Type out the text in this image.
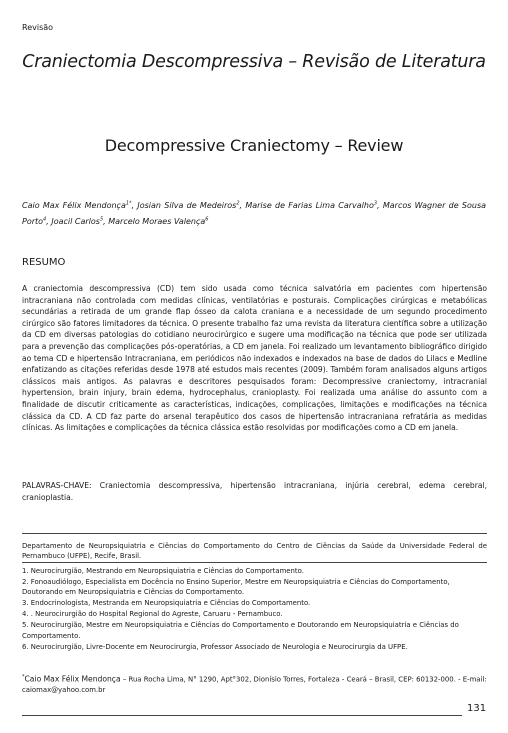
Revisão
Craniectomia Descompressiva – Revisão de Literatura
Decompressive Craniectomy – Review
Caio Max Félix Mendonça$^{1*}$, Josian Silva de Medeiros$^2$, Marise de Farias Lima Carvalho$^3$, Marcos Wagner de Sousa Porto$^4$, Joacil Carlos$^5$, Marcelo Moraes Valença$^6$
RESUMO
A craniectomia descompressiva (CD) tem sido usada como técnica salvatória em pacientes com hipertensão intracraniana não controlada com medidas clínicas, ventilatórias e posturais. Complicações cirúrgicas e metabólicas secundárias a retirada de um grande flap ósseo da calota craniana e a necessidade de um segundo procedimento cirúrgico são fatores limitadores da técnica. O presente trabalho faz uma revista da literatura científica sobre a utilização da CD em diversas patologias do cotidiano neurocirúrgico e sugere uma modificação na técnica que pode ser utilizada para a prevenção das complicações pós-operatórias, a CD em janela. Foi realizado um levantamento bibliográfico dirigido ao tema CD e hipertensão Intracraniana, em periódicos não indexados e indexados na base de dados do Lilacs e Medline enfatizando as citações referidas desde 1978 até estudos mais recentes (2009). Também foram analisados alguns artigos clássicos mais antigos. As palavras e descritores pesquisados foram: Decompressive craniectomy, intracranial hypertension, brain injury, brain edema, hydrocephalus, cranioplasty. Foi realizada uma análise do assunto com a finalidade de discutir criticamente as características, indicações, complicações, limitações e modificações na técnica clássica da CD. A CD faz parte do arsenal terapêutico dos casos de hipertensão intracraniana refratária as medidas clínicas. As limitações e complicações da técnica clássica estão resolvidas por modificações como a CD em janela.
PALAVRAS-CHAVE: Craniectomia descompressiva, hipertensão intracraniana, injúria cerebral, edema cerebral, cranioplastia.
Departamento de Neuropsiquiatria e Ciências do Comportamento do Centro de Ciências da Saúde da Universidade Federal de Pernambuco (UFPE), Recife, Brasil.
1. Neurocirurgião, Mestrando em Neuropsiquiatria e Ciências do Comportamento.
2. Fonoaudiólogo, Especialista em Docência no Ensino Superior, Mestre em Neuropsiquiatria e Ciências do Comportamento, Doutorando em Neuropsiquiatria e Ciências do Comportamento.
3. Endocrinologista, Mestranda em Neuropsiquiatria e Ciências do Comportamento.
4. . Neurocirurgião do Hospital Regional do Agreste, Caruaru - Pernambuco.
5. Neurocirurgião, Mestre em Neuropsiquiatria e Ciências do Comportamento e Doutorando em Neuropsiquiatria e Ciências do Comportamento.
6. Neurocirurgião, Livre-Docente em Neurocirurgia, Professor Associado de Neurologia e Neurocirurgia da UFPE.
*Caio Max Félix Mendonça – Rua Rocha Lima, N° 1290, Apt°302, Dionísio Torres, Fortaleza - Ceará – Brasil, CEP: 60132-000. - E-mail: caiomax@yahoo.com.br
131
